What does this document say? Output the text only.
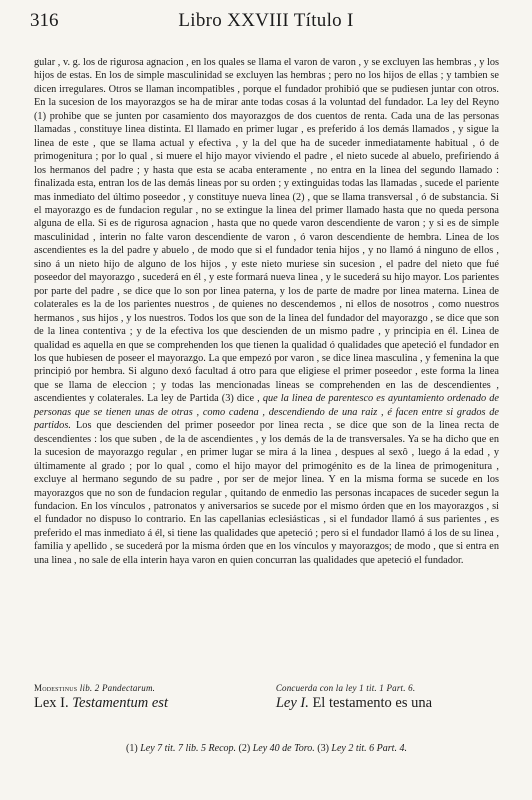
316	Libro XXVIII Título I

gular , v. g. los de rigurosa agnacion , en los quales se llama el varon de varon , y se excluyen las hembras , y los hijos de estas. En los de simple masculinidad se excluyen las hembras ; pero no los hijos de ellas ; y tambien se dicen irregulares. Otros se llaman incompatibles , porque el fundador prohibió que se pudiesen juntar con otros. En la sucesion de los mayorazgos se ha de mirar ante todas cosas á la voluntad del fundador. La ley del Reyno (1) prohibe que se junten por casamiento dos mayorazgos de dos cuentos de renta. Cada una de las personas llamadas , constituye linea distinta. El llamado en primer lugar , es preferido á los demás llamados , y sigue la linea de este , que se llama actual y efectiva , y la del que ha de suceder inmediatamente habitual , ó de primogenitura ; por lo qual , si muere el hijo mayor viviendo el padre , el nieto sucede al abuelo, prefiriendo á los hermanos del padre ; y hasta que esta se acaba enteramente , no entra en la linea del segundo llamado : finalizada esta, entran los de las demás lineas por su orden ; y extinguidas todas las llamadas , sucede el pariente mas inmediato del último poseedor , y constituye nueva linea (2) , que se llama transversal , ó de substancia. Si el mayorazgo es de fundacion regular , no se extingue la linea del primer llamado hasta que no queda persona alguna de ella. Si es de rigurosa agnacion , hasta que no quede varon descendiente de varon ; y si es de simple masculinidad , interin no falte varon descendiente de varon , ó varon descendiente de hembra. Linea de los ascendientes es la del padre y abuelo , de modo que si el fundador tenia hijos , y no llamó á ninguno de ellos , sino á un nieto hijo de alguno de los hijos , y este nieto muriese sin sucesion , el padre del nieto que fué poseedor del mayorazgo , sucederá en él , y este formará nueva linea , y le sucederá su hijo mayor. Los parientes por parte del padre , se dice que lo son por linea paterna, y los de parte de madre por linea materna. Linea de colaterales es la de los parientes nuestros , de quienes no descendemos , ni ellos de nosotros , como nuestros hermanos , sus hijos , y los nuestros. Todos los que son de la linea del fundador del mayorazgo , se dice que son de la linea contentiva ; y de la efectiva los que descienden de un mismo padre , y principia en él. Linea de qualidad es aquella en que se comprehenden los que tienen la qualidad ó qualidades que apeteció el fundador en los que hubiesen de poseer el mayorazgo. La que empezó por varon , se dice linea masculina , y femenina la que principió por hembra. Si alguno dexó facultad á otro para que eligiese el primer poseedor , este forma la linea que se llama de eleccion ; y todas las mencionadas lineas se comprehenden en las de descendientes , ascendientes y colaterales. La ley de Partida (3) dice , que la linea de parentesco es ayuntamiento ordenado de personas que se tienen unas de otras , como cadena , descendiendo de una raiz , é facen entre si grados de partidos. Los que descienden del primer poseedor por linea recta , se dice que son de la linea recta de descendientes : los que suben , de la de ascendientes , y los demás de la de transversales. Ya se ha dicho que en la sucesion de mayorazgo regular , en primer lugar se mira á la linea , despues al sexô , luego á la edad , y últimamente al grado ; por lo qual , como el hijo mayor del primogénito es de la linea de primogenitura , excluye al hermano segundo de su padre , por ser de mejor linea. Y en la misma forma se sucede en los mayorazgos que no son de fundacion regular , quitando de enmedio las personas incapaces de suceder segun la fundacion. En los vínculos , patronatos y aniversarios se sucede por el mismo órden que en los mayorazgos , si el fundador no dispuso lo contrario. En las capellanias eclesiásticas , si el fundador llamó á sus parientes , es preferido el mas inmediato á él, si tiene las qualidades que apeteció ; pero si el fundador llamó á los de su linea , familia y apellido , se sucederá por la misma órden que en los vínculos y mayorazgos; de modo , que si entra en una linea , no sale de ella interin haya varon en quien concurran las qualidades que apeteció el fundador.

Modestinus lib. 2 Pandectarum.
Lex I. Testamentum est
Concuerda con la ley 1 tit. 1 Part. 6.
Ley I. El testamento es una
(1) Ley 7 tit. 7 lib. 5 Recop. (2) Ley 40 de Toro. (3) Ley 2 tit. 6 Part. 4.
